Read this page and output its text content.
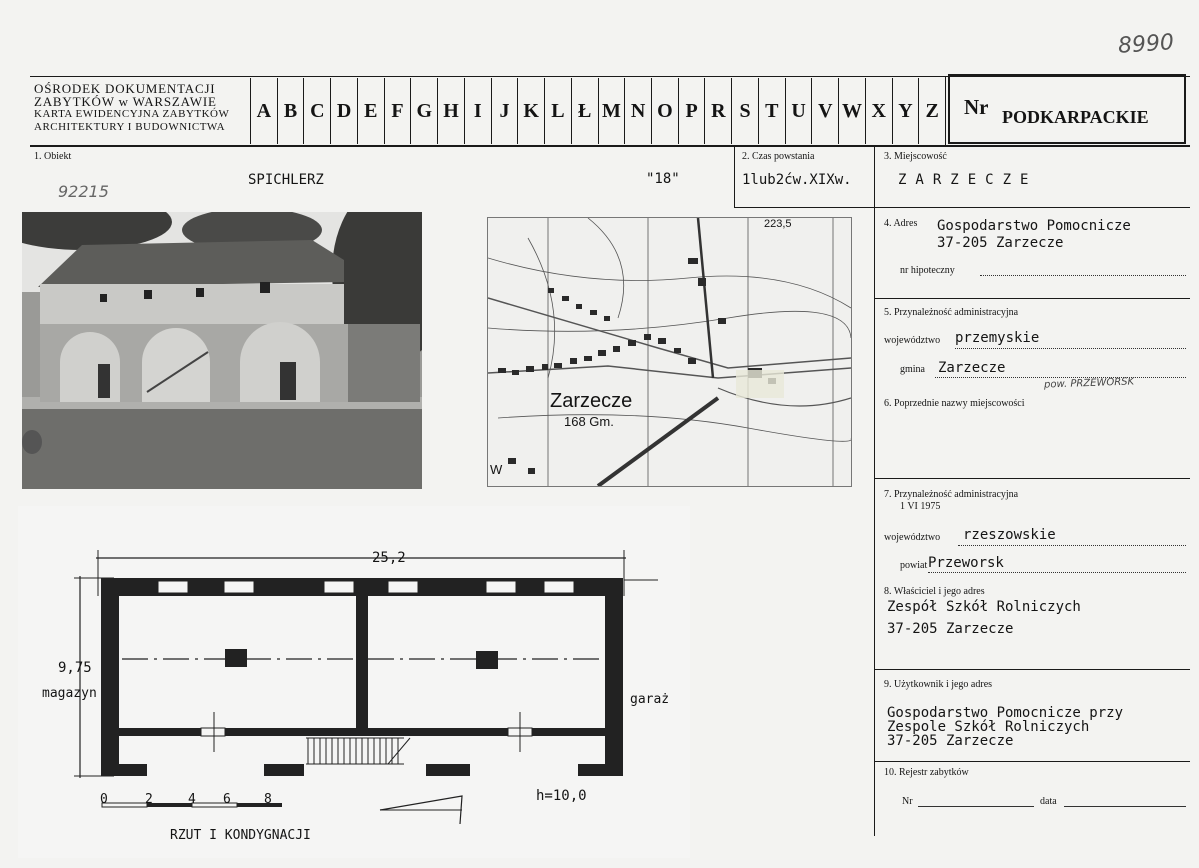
8990
OŚRODEK DOKUMENTACJI
ZABYTKÓW w WARSZAWIE
KARTA EWIDENCYJNA ZABYTKÓW
ARCHITEKTURY I BUDOWNICTWA
A B C D E F G H I J K L Ł M N O P R S T U V W X Y Z Nr PODKARPACKIE
1. Obiekt
SPICHLERZ	"18"
92215
2. Czas powstania
1lub2ćw.XIXw.
3. Miejscowość
ZARZECZE
Zarzecze
168 Gm.
223,5
W
4. Adres Gospodarstwo Pomocnicze
37-205 Zarzecze
nr hipoteczny
5. Przynależność administracyjna
województwo przemyskie
gmina Zarzecze
pow. PRZEWORSK
6. Poprzednie nazwy miejscowości
7. Przynależność administracyjna
1 VI 1975
województwo rzeszowskie
powiat Przeworsk
8. Właściciel i jego adres
Zespół Szkół Rolniczych
37-205 Zarzecze
9. Użytkownik i jego adres
Gospodarstwo Pomocnicze przy
Zespole Szkół Rolniczych
37-205 Zarzecze
10. Rejestr zabytków
Nr	data
25,2
9,75
magazyn	garaż
0	2	4 6	8	h=10,0
RZUT I KONDYGNACJI
